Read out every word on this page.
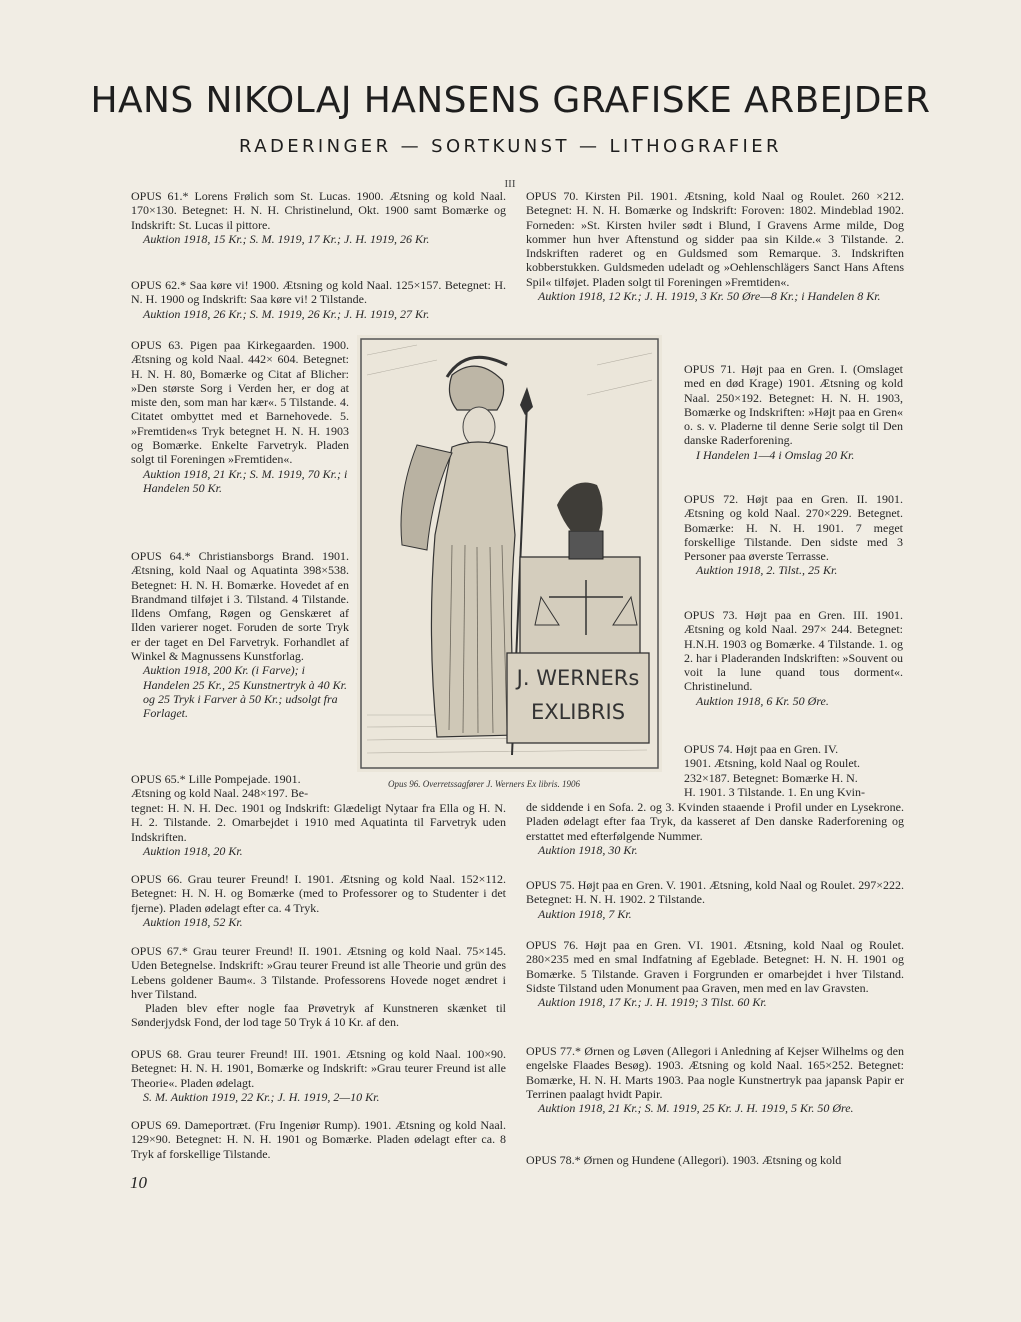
HANS NIKOLAJ HANSENS GRAFISKE ARBEJDER
RADERINGER — SORTKUNST — LITHOGRAFIER
III

OPUS 61.* Lorens Frølich som St. Lucas. 1900. Ætsning og kold Naal. 170×130. Betegnet: H. N. H. Christinelund, Okt. 1900 samt Bomærke og Indskrift: St. Lucas il pittore.

Auktion 1918, 15 Kr.; S. M. 1919, 17 Kr.; J. H. 1919, 26 Kr.

OPUS 62.* Saa køre vi! 1900. Ætsning og kold Naal. 125×157. Betegnet: H. N. H. 1900 og Indskrift: Saa køre vi! 2 Tilstande.

Auktion 1918, 26 Kr.; S. M. 1919, 26 Kr.; J. H. 1919, 27 Kr.

OPUS 63. Pigen paa Kirkegaarden. 1900. Ætsning og kold Naal. 442× 604. Betegnet: H. N. H. 80, Bomærke og Citat af Blicher: »Den største Sorg i Verden her, er dog at miste den, som man har kær«. 5 Tilstande. 4. Citatet ombyttet med et Barnehovede. 5. »Fremtiden«s Tryk betegnet H. N. H. 1903 og Bomærke. Enkelte Farvetryk. Pladen solgt til Foreningen »Fremtiden«.

Auktion 1918, 21 Kr.; S. M. 1919, 70 Kr.; i Handelen 50 Kr.

OPUS 64.* Christiansborgs Brand. 1901. Ætsning, kold Naal og Aquatinta 398×538. Betegnet: H. N. H. Bomærke. Hovedet af en Brandmand tilføjet i 3. Tilstand. 4 Tilstande. Ildens Omfang, Røgen og Genskæret af Ilden varierer noget. Foruden de sorte Tryk er der taget en Del Farvetryk. Forhandlet af Winkel & Magnussens Kunstforlag.

Auktion 1918, 200 Kr. (i Farve); i Handelen 25 Kr., 25 Kunstnertryk à 40 Kr. og 25 Tryk i Farver à 50 Kr.; udsolgt fra Forlaget.

OPUS 65.* Lille Pompejade. 1901.

Ætsning og kold Naal. 248×197. Be-

tegnet: H. N. H. Dec. 1901 og Indskrift: Glædeligt Nytaar fra Ella og H. N. H. 2. Tilstande. 2. Omarbejdet i 1910 med Aquatinta til Farvetryk uden Indskriften.

Auktion 1918, 20 Kr.

OPUS 66. Grau teurer Freund! I. 1901. Ætsning og kold Naal. 152×112. Betegnet: H. N. H. og Bomærke (med to Professorer og to Studenter i det fjerne). Pladen ødelagt efter ca. 4 Tryk.

Auktion 1918, 52 Kr.

OPUS 67.* Grau teurer Freund! II. 1901. Ætsning og kold Naal. 75×145. Uden Betegnelse. Indskrift: »Grau teurer Freund ist alle Theorie und grün des Lebens goldener Baum«. 3 Tilstande. Professorens Hovede noget ændret i hver Tilstand.

Pladen blev efter nogle faa Prøvetryk af Kunstneren skænket til Sønderjydsk Fond, der lod tage 50 Tryk á 10 Kr. af den.

OPUS 68. Grau teurer Freund! III. 1901. Ætsning og kold Naal. 100×90. Betegnet: H. N. H. 1901, Bomærke og Indskrift: »Grau teurer Freund ist alle Theorie«. Pladen ødelagt.

S. M. Auktion 1919, 22 Kr.; J. H. 1919, 2—10 Kr.

OPUS 69. Dameportræt. (Fru Ingeniør Rump). 1901. Ætsning og kold Naal. 129×90. Betegnet: H. N. H. 1901 og Bomærke. Pladen ødelagt efter ca. 8 Tryk af forskellige Tilstande.

OPUS 70. Kirsten Pil. 1901. Ætsning, kold Naal og Roulet. 260 ×212. Betegnet: H. N. H. Bomærke og Indskrift: Foroven: 1802. Mindeblad 1902. Forneden: »St. Kirsten hviler sødt i Blund, I Gravens Arme milde, Dog kommer hun hver Aftenstund og sidder paa sin Kilde.« 3 Tilstande. 2. Indskriften raderet og en Guldsmed som Remarque. 3. Indskriften kobberstukken. Guldsmeden udeladt og »Oehlenschlägers Sanct Hans Aftens Spil« tilføjet. Pladen solgt til Foreningen »Fremtiden«.

Auktion 1918, 12 Kr.; J. H. 1919, 3 Kr. 50 Øre—8 Kr.; i Handelen 8 Kr.

OPUS 71. Højt paa en Gren. I. (Omslaget med en død Krage) 1901. Ætsning og kold Naal. 250×192. Betegnet: H. N. H. 1903, Bomærke og Indskriften: »Højt paa en Gren« o. s. v. Pladerne til denne Serie solgt til Den danske Raderforening.

I Handelen 1—4 i Omslag 20 Kr.

OPUS 72. Højt paa en Gren. II. 1901. Ætsning og kold Naal. 270×229. Betegnet. Bomærke: H. N. H. 1901. 7 meget forskellige Tilstande. Den sidste med 3 Personer paa øverste Terrasse.

Auktion 1918, 2. Tilst., 25 Kr.

OPUS 73. Højt paa en Gren. III. 1901. Ætsning og kold Naal. 297× 244. Betegnet: H.N.H. 1903 og Bomærke. 4 Tilstande. 1. og 2. har i Pladeranden Indskriften: »Souvent ou voit la lune quand tous dorment«. Christinelund.

Auktion 1918, 6 Kr. 50 Øre.

OPUS 74. Højt paa en Gren. IV.

1901. Ætsning, kold Naal og Roulet.

232×187. Betegnet: Bomærke H. N.

H. 1901. 3 Tilstande. 1. En ung Kvin-

de siddende i en Sofa. 2. og 3. Kvinden staaende i Profil under en Lysekrone. Pladen ødelagt efter faa Tryk, da kasseret af Den danske Raderforening og erstattet med efterfølgende Nummer.

Auktion 1918, 30 Kr.

OPUS 75. Højt paa en Gren. V. 1901. Ætsning, kold Naal og Roulet. 297×222. Betegnet: H. N. H. 1902. 2 Tilstande.

Auktion 1918, 7 Kr.

OPUS 76. Højt paa en Gren. VI. 1901. Ætsning, kold Naal og Roulet. 280×235 med en smal Indfatning af Egeblade. Betegnet: H. N. H. 1901 og Bomærke. 5 Tilstande. Graven i Forgrunden er omarbejdet i hver Tilstand. Sidste Tilstand uden Monument paa Graven, men med en lav Gravsten.

Auktion 1918, 17 Kr.; J. H. 1919; 3 Tilst. 60 Kr.

OPUS 77.* Ørnen og Løven (Allegori i Anledning af Kejser Wilhelms og den engelske Flaades Besøg). 1903. Ætsning og kold Naal. 165×252. Betegnet: Bomærke, H. N. H. Marts 1903. Paa nogle Kunstnertryk paa japansk Papir er Terrinen paalagt hvidt Papir.

Auktion 1918, 21 Kr.; S. M. 1919, 25 Kr. J. H. 1919, 5 Kr. 50 Øre.

OPUS 78.* Ørnen og Hundene (Allegori). 1903. Ætsning og kold

J. WERNERs
EXLIBRIS
Opus 96. Overretssagfører J. Werners Ex libris. 1906
10
